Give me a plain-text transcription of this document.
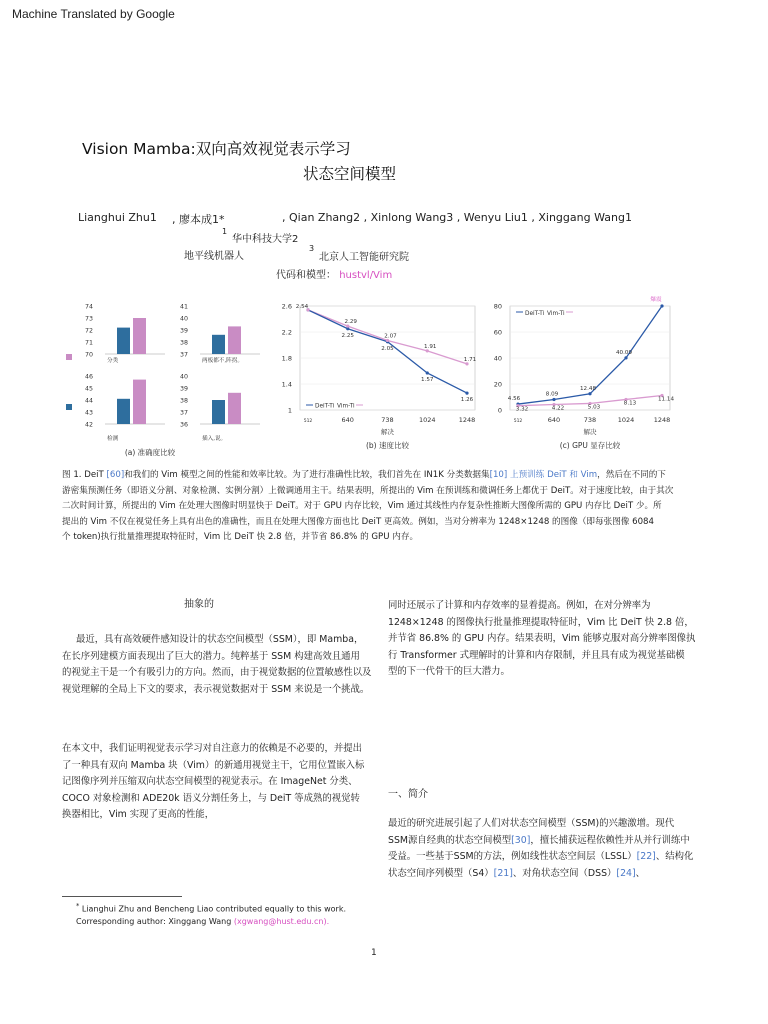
Machine Translated by Google
Vision Mamba:双向高效视觉表示学习
状态空间模型
Lianghui Zhu1 , 廖本成1*	, Qian Zhang2 , Xinlong Wang3 , Wenyu Liu1 , Xinggang Wang1
1
华中科技大学2
地平线机器人
3
北京人工智能研究院
代码和模型： hustvl/Vim
74
73
72
71
70
分类
41
40
39
38
37
两板都不,阵拐。
46
45
44
43
42
检测
40
39
38
37
36
插入,说。
(a) 准确度比较
2.6
2.2
1.8
1.4
1
512	640	738	1024	1248
解决
2.54
2.25
2.05
1.57
1.26
2.29
2.07
1.91
1.71
DeiT-Ti Vim-Ti
(b) 速度比较
80
60
40
20
0
512	640	738	1024	1248
解决
4.56
8.09
12.48
40.09
3.32	4.22	5.03
8.13
11.14
爆震
DeiT-Ti Vim-Ti
(c) GPU 显存比较
图 1. DeiT [60]和我们的 Vim 模型之间的性能和效率比较。为了进行准确性比较，我们首先在 IN1K 分类数据集[10] 上预训练 DeiT 和 Vim，然后在不同的下
游密集预测任务（即语义分割、对象检测、实例分割）上微调通用主干。结果表明，所提出的 Vim 在预训练和微调任务上都优于 DeiT。对于速度比较，由于其次
二次时间计算，所提出的 Vim 在处理大图像时明显快于 DeiT。对于 GPU 内存比较，Vim 通过其线性内存复杂性推断大图像所需的 GPU 内存比 DeiT 少。所
提出的 Vim 不仅在视觉任务上具有出色的准确性，而且在处理大图像方面也比 DeiT 更高效。例如，当对分辨率为 1248×1248 的图像（即每张图像 6084
个 token)执行批量推理提取特征时，Vim 比 DeiT 快 2.8 倍，并节省 86.8% 的 GPU 内存。
抽象的
最近，具有高效硬件感知设计的状态空间模型（SSM），即 Mamba，
在长序列建模方面表现出了巨大的潜力。纯粹基于 SSM 构建高效且通用
的视觉主干是一个有吸引力的方向。然而，由于视觉数据的位置敏感性以及
视觉理解的全局上下文的要求，表示视觉数据对于 SSM 来说是一个挑战。
在本文中，我们证明视觉表示学习对自注意力的依赖是不必要的，并提出
了一种具有双向 Mamba 块（Vim）的新通用视觉主干，它用位置嵌入标
记图像序列并压缩双向状态空间模型的视觉表示。在 ImageNet 分类、
COCO 对象检测和 ADE20k 语义分割任务上，与 DeiT 等成熟的视觉转
换器相比，Vim 实现了更高的性能，
同时还展示了计算和内存效率的显着提高。例如，在对分辨率为
1248×1248 的图像执行批量推理提取特征时，Vim 比 DeiT 快 2.8 倍，
并节省 86.8% 的 GPU 内存。结果表明，Vim 能够克服对高分辨率图像执
行 Transformer 式理解时的计算和内存限制，并且具有成为视觉基础模
型的下一代骨干的巨大潜力。
一、简介
最近的研究进展引起了人们对状态空间模型（SSM)的兴趣激增。现代
SSM源自经典的状态空间模型[30]，擅长捕获远程依赖性并从并行训练中
受益。一些基于SSM的方法，例如线性状态空间层（LSSL）[22]、结构化
状态空间序列模型（S4）[21]、对角状态空间（DSS）[24]、
* Lianghui Zhu and Bencheng Liao contributed equally to this work.
Corresponding author: Xinggang Wang (xgwang@hust.edu.cn).
1
